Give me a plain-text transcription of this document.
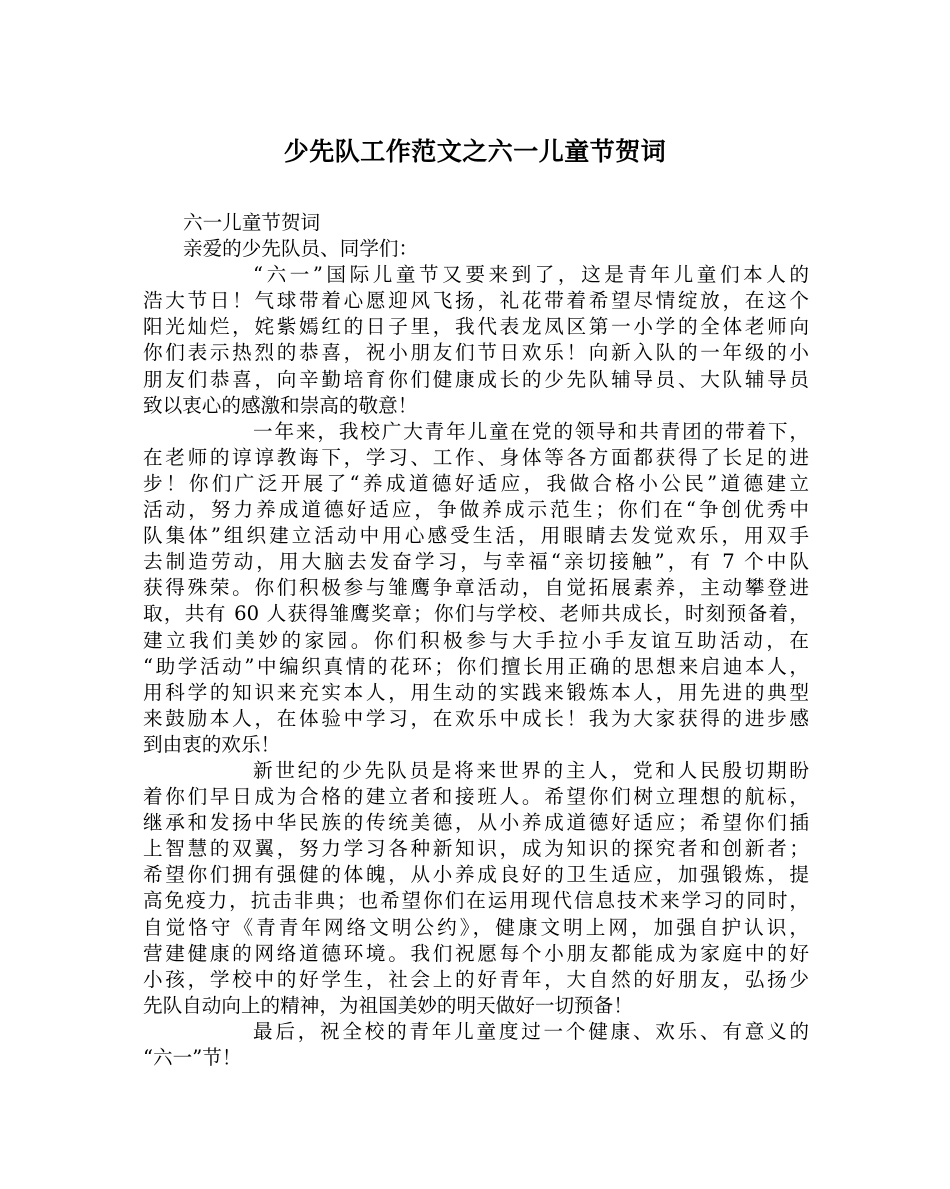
少先队工作范文之六一儿童节贺词
六一儿童节贺词
亲爱的少先队员、同学们：
“六一”国际儿童节又要来到了，这是青年儿童们本人的
浩大节日！气球带着心愿迎风飞扬，礼花带着希望尽情绽放，在这个
阳光灿烂，姹紫嫣红的日子里，我代表龙凤区第一小学的全体老师向
你们表示热烈的恭喜，祝小朋友们节日欢乐！向新入队的一年级的小
朋友们恭喜，向辛勤培育你们健康成长的少先队辅导员、大队辅导员
致以衷心的感激和崇高的敬意！
一年来，我校广大青年儿童在党的领导和共青团的带着下，
在老师的谆谆教诲下，学习、工作、身体等各方面都获得了长足的进
步！你们广泛开展了“养成道德好适应，我做合格小公民”道德建立
活动，努力养成道德好适应，争做养成示范生；你们在“争创优秀中
队集体”组织建立活动中用心感受生活，用眼睛去发觉欢乐，用双手
去制造劳动，用大脑去发奋学习，与幸福“亲切接触”，有 7 个中队
获得殊荣。你们积极参与雏鹰争章活动，自觉拓展素养，主动攀登进
取，共有 60 人获得雏鹰奖章；你们与学校、老师共成长，时刻预备着，
建立我们美妙的家园。你们积极参与大手拉小手友谊互助活动，在
“助学活动”中编织真情的花环；你们擅长用正确的思想来启迪本人，
用科学的知识来充实本人，用生动的实践来锻炼本人，用先进的典型
来鼓励本人，在体验中学习，在欢乐中成长！我为大家获得的进步感
到由衷的欢乐！
新世纪的少先队员是将来世界的主人，党和人民殷切期盼
着你们早日成为合格的建立者和接班人。希望你们树立理想的航标，
继承和发扬中华民族的传统美德，从小养成道德好适应；希望你们插
上智慧的双翼，努力学习各种新知识，成为知识的探究者和创新者；
希望你们拥有强健的体魄，从小养成良好的卫生适应，加强锻炼，提
高免疫力，抗击非典；也希望你们在运用现代信息技术来学习的同时，
自觉恪守《青青年网络文明公约》，健康文明上网，加强自护认识，
营建健康的网络道德环境。我们祝愿每个小朋友都能成为家庭中的好
小孩，学校中的好学生，社会上的好青年，大自然的好朋友，弘扬少
先队自动向上的精神，为祖国美妙的明天做好一切预备！
最后，祝全校的青年儿童度过一个健康、欢乐、有意义的
“六一”节！
